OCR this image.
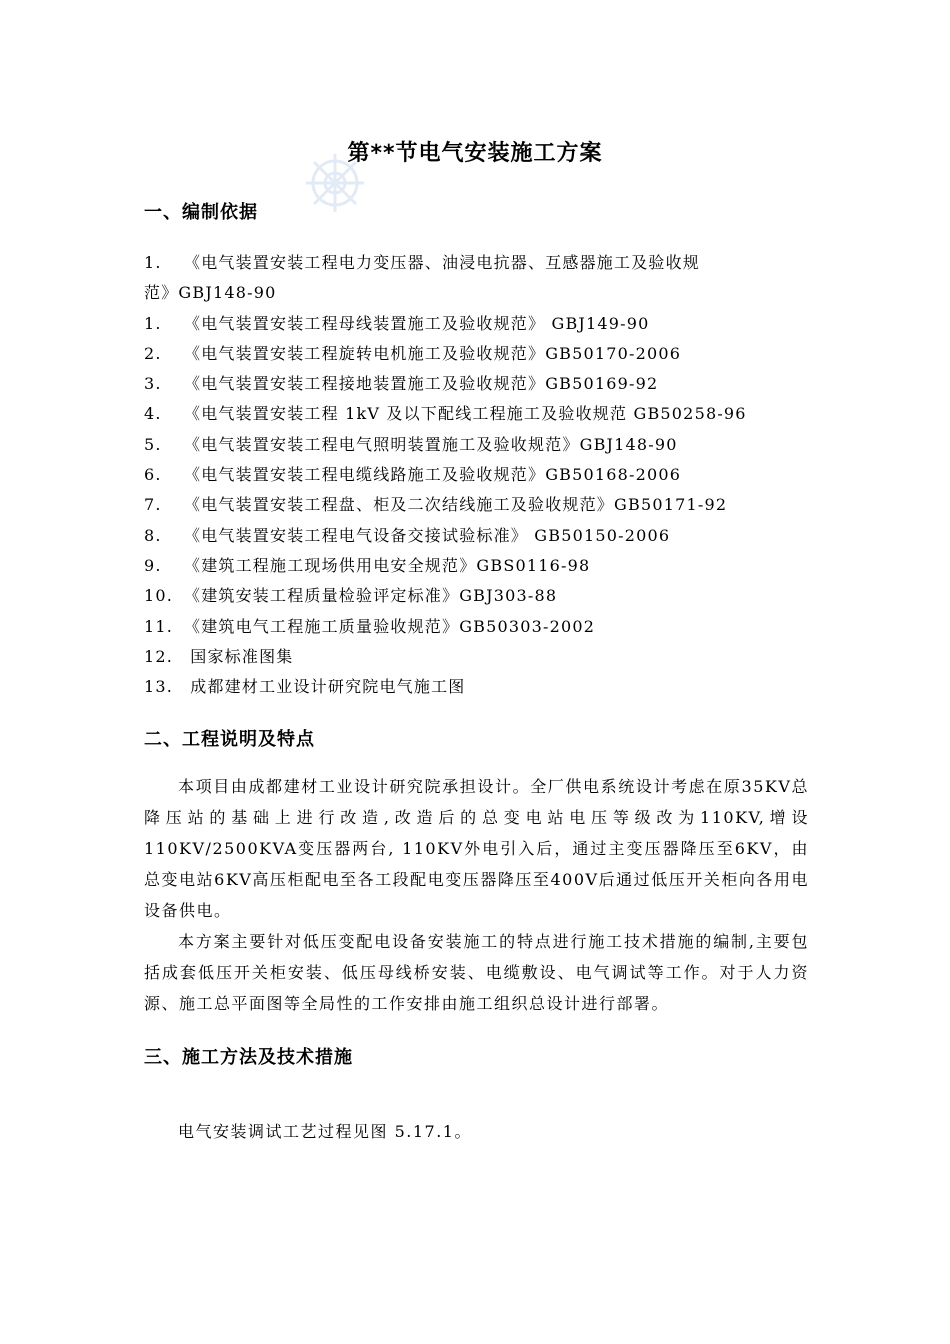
第**节电气安装施工方案
一、编制依据
1. 《电气装置安装工程电力变压器、油浸电抗器、互感器施工及验收规
范》GBJ148-90
1. 《电气装置安装工程母线装置施工及验收规范》 GBJ149-90
2. 《电气装置安装工程旋转电机施工及验收规范》GB50170-2006
3. 《电气装置安装工程接地装置施工及验收规范》GB50169-92
4. 《电气装置安装工程 1kV 及以下配线工程施工及验收规范 GB50258-96
5. 《电气装置安装工程电气照明装置施工及验收规范》GBJ148-90
6. 《电气装置安装工程电缆线路施工及验收规范》GB50168-2006
7. 《电气装置安装工程盘、柜及二次结线施工及验收规范》GB50171-92
8. 《电气装置安装工程电气设备交接试验标准》 GB50150-2006
9. 《建筑工程施工现场供用电安全规范》GBS0116-98
10. 《建筑安装工程质量检验评定标准》GBJ303-88
11. 《建筑电气工程施工质量验收规范》GB50303-2002
12. 国家标准图集
13. 成都建材工业设计研究院电气施工图
二、工程说明及特点

本项目由成都建材工业设计研究院承担设计。全厂供电系统设计考虑在原35KV总降压站的基础上进行改造,改造后的总变电站电压等级改为110KV,增设110KV/2500KVA变压器两台, 110KV外电引入后，通过主变压器降压至6KV，由总变电站6KV高压柜配电至各工段配电变压器降压至400V后通过低压开关柜向各用电设备供电。

本方案主要针对低压变配电设备安装施工的特点进行施工技术措施的编制,主要包括成套低压开关柜安装、低压母线桥安装、电缆敷设、电气调试等工作。对于人力资源、施工总平面图等全局性的工作安排由施工组织总设计进行部署。

三、施工方法及技术措施

电气安装调试工艺过程见图 5.17.1。
